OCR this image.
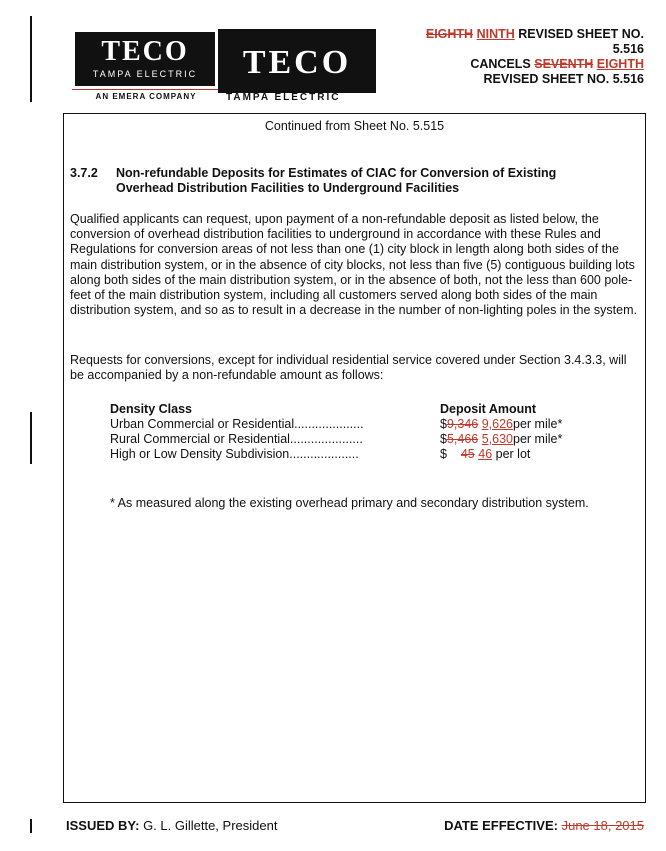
TECO
TAMPA ELECTRIC
AN EMERA COMPANY
TECO
TAMPA ELECTRIC
EIGHTH NINTH REVISED SHEET NO.
5.516
CANCELS SEVENTH EIGHTH
REVISED SHEET NO. 5.516
Continued from Sheet No. 5.515
3.7.2 Non-refundable Deposits for Estimates of CIAC for Conversion of Existing Overhead Distribution Facilities to Underground Facilities
Qualified applicants can request, upon payment of a non-refundable deposit as listed below, the conversion of overhead distribution facilities to underground in accordance with these Rules and Regulations for conversion areas of not less than one (1) city block in length along both sides of the main distribution system, or in the absence of city blocks, not less than five (5) contiguous building lots along both sides of the main distribution system, or in the absence of both, not the less than 600 pole-feet of the main distribution system, including all customers served along both sides of the main distribution system, and so as to result in a decrease in the number of non-lighting poles in the system.
Requests for conversions, except for individual residential service covered under Section 3.4.3.3, will be accompanied by a non-refundable amount as follows:
Density Class	Deposit Amount
Urban Commercial or Residential....................	$9,346 9,626per mile*
Rural Commercial or Residential.....................	$5,466 5,630per mile*
High or Low Density Subdivision....................	$ 45 46 per lot
* As measured along the existing overhead primary and secondary distribution system.
ISSUED BY: G. L. Gillette, President	DATE EFFECTIVE: June 18, 2015
